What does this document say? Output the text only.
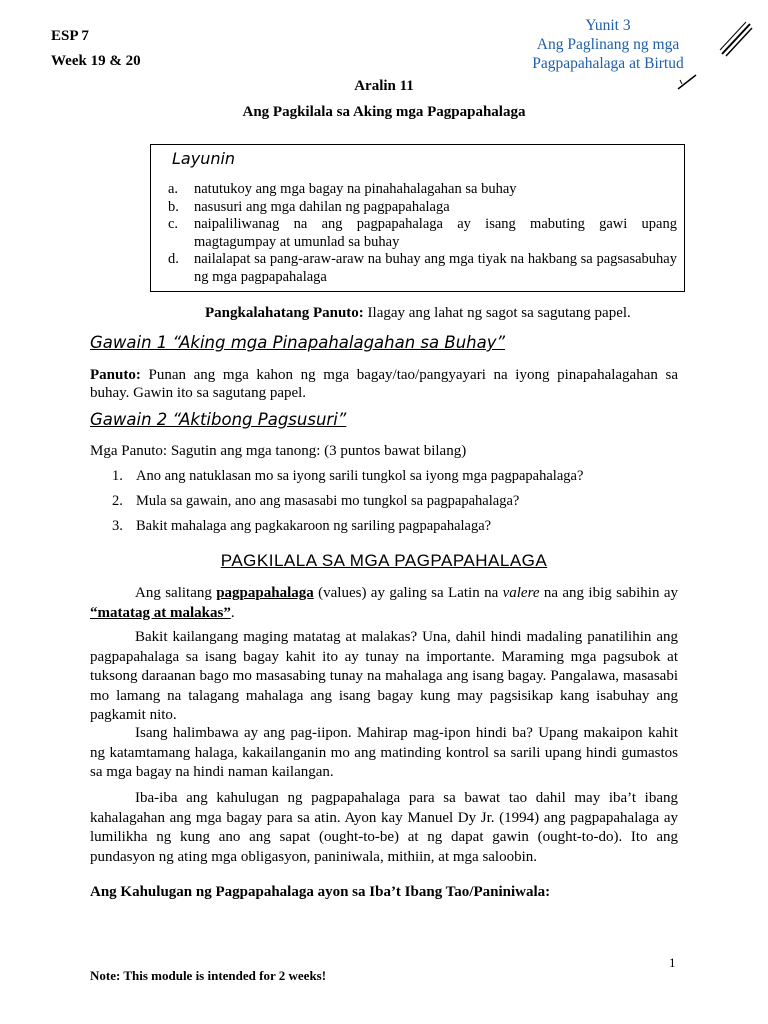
ESP 7
Week 19 & 20
Yunit 3
Ang Paglinang ng mga
Pagpapahalaga at Birtud
Aralin 11
Ang Pagkilala sa Aking mga Pagpapahalaga
Layunin
a. natutukoy ang mga bagay na pinahahalagahan sa buhay
b. nasusuri ang mga dahilan ng pagpapahalaga
c. naipaliliwanag na ang pagpapahalaga ay isang mabuting gawi upang magtagumpay at umunlad sa buhay
d. nailalapat sa pang-araw-araw na buhay ang mga tiyak na hakbang sa pagsasabuhay ng mga pagpapahalaga
Pangkalahatang Panuto: Ilagay ang lahat ng sagot sa sagutang papel.
Gawain 1 “Aking mga Pinapahalagahan sa Buhay”
Panuto: Punan ang mga kahon ng mga bagay/tao/pangyayari na iyong pinapahalagahan sa buhay. Gawin ito sa sagutang papel.
Gawain 2 “Aktibong Pagsusuri”
Mga Panuto: Sagutin ang mga tanong: (3 puntos bawat bilang)
1. Ano ang natuklasan mo sa iyong sarili tungkol sa iyong mga pagpapahalaga?
2. Mula sa gawain, ano ang masasabi mo tungkol sa pagpapahalaga?
3. Bakit mahalaga ang pagkakaroon ng sariling pagpapahalaga?
PAGKILALA SA MGA PAGPAPAHALAGA
Ang salitang pagpapahalaga (values) ay galing sa Latin na valere na ang ibig sabihin ay “matatag at malakas”.
Bakit kailangang maging matatag at malakas? Una, dahil hindi madaling panatilihin ang pagpapahalaga sa isang bagay kahit ito ay tunay na importante. Maraming mga pagsubok at tuksong daraanan bago mo masasabing tunay na mahalaga ang isang bagay. Pangalawa, masasabi mo lamang na talagang mahalaga ang isang bagay kung may pagsisikap kang isabuhay ang pagkamit nito.
Isang halimbawa ay ang pag-iipon. Mahirap mag-ipon hindi ba? Upang makaipon kahit ng katamtamang halaga, kakailanganin mo ang matinding kontrol sa sarili upang hindi gumastos sa mga bagay na hindi naman kailangan.
Iba-iba ang kahulugan ng pagpapahalaga para sa bawat tao dahil may iba’t ibang kahalagahan ang mga bagay para sa atin. Ayon kay Manuel Dy Jr. (1994) ang pagpapahalaga ay lumilikha ng kung ano ang sapat (ought-to-be) at ng dapat gawin (ought-to-do). Ito ang pundasyon ng ating mga obligasyon, paniniwala, mithiin, at mga saloobin.
Ang Kahulugan ng Pagpapahalaga ayon sa Iba’t Ibang Tao/Paniniwala:
1
Note: This module is intended for 2 weeks!
